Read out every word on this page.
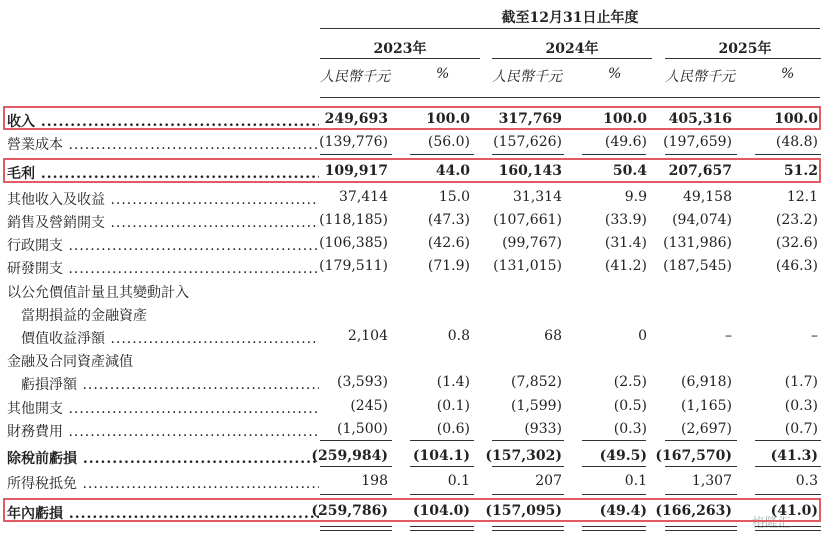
截至12月31日止年度
2023年	2024年	2025年
人民幣千元	%	人民幣千元	%	人民幣千元	%
收入 .....	249,693	100.0 317,769	100.0 405,316	100.0
營業成本 .....	(139,776)	(56.0) (157,626)	(49.6) (197,659)	(48.8)
毛利 .....	109,917	44.0 160,143	50.4 207,657	51.2
其他收入及收益 .....	37,414	15.0	31,314	9.9	49,158	12.1
銷售及營銷開支 .....	(118,185)	(47.3) (107,661)	(33.9) (94,074)	(23.2)
行政開支 .....	(106,385)	(42.6) (99,767)	(31.4) (131,986)	(32.6)
研發開支 .....	(179,511)	(71.9) (131,015)	(41.2) (187,545)	(46.3)
以公允價值計量且其變動計入
　當期損益的金融資產
　價值收益淨額 .....	2,104	0.8	68	0	–	–
金融及合同資產減值
　虧損淨額 .....	(3,593)	(1.4)	(7,852)	(2.5) (6,918)	(1.7)
其他開支 .....	(245)	(0.1)	(1,599)	(0.5) (1,165)	(0.3)
財務費用 .....	(1,500)	(0.6)	(933)	(0.3) (2,697)	(0.7)
除稅前虧損 .....	(259,984) (104.1) (157,302)	(49.5) (167,570)	(41.3)
所得稅抵免 .....	198	0.1	207	0.1	1,307	0.3
年內虧損 .....	(259,786) (104.0) (157,095)	(49.4) (166,263)	(41.0)
格隆汇
